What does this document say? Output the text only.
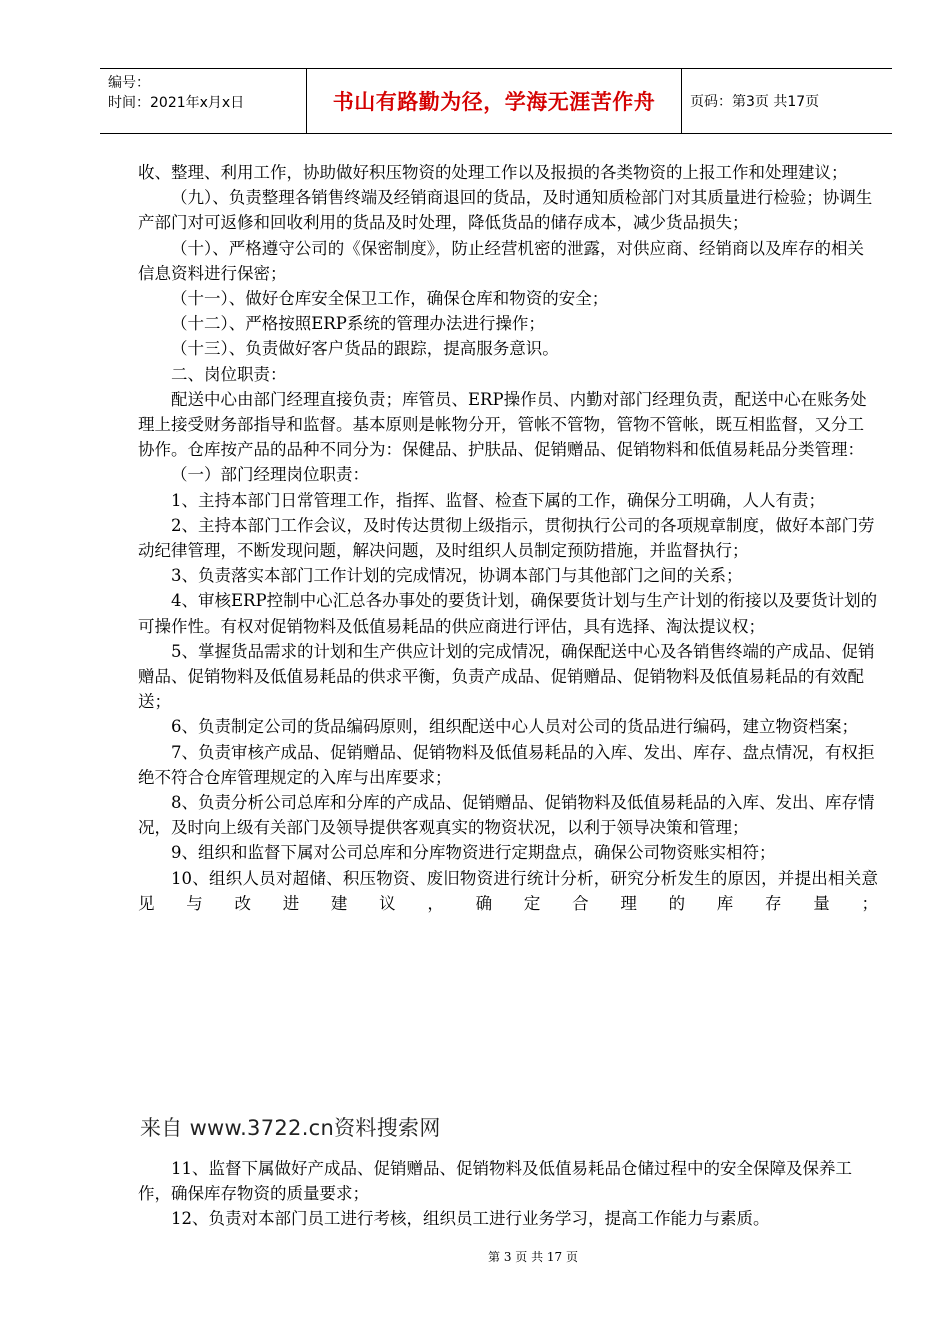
编号：
时间：2021年x月x日	书山有路勤为径，学海无涯苦作舟	页码：第3页 共17页

收、整理、利用工作，协助做好积压物资的处理工作以及报损的各类物资的上报工作和处理建议；

（九）、负责整理各销售终端及经销商退回的货品，及时通知质检部门对其质量进行检验；协调生产部门对可返修和回收利用的货品及时处理，降低货品的储存成本，减少货品损失；

（十）、严格遵守公司的《保密制度》，防止经营机密的泄露，对供应商、经销商以及库存的相关信息资料进行保密；

（十一）、做好仓库安全保卫工作，确保仓库和物资的安全；

（十二）、严格按照ERP系统的管理办法进行操作；

（十三）、负责做好客户货品的跟踪，提高服务意识。

二、岗位职责：

配送中心由部门经理直接负责；库管员、ERP操作员、内勤对部门经理负责，配送中心在账务处理上接受财务部指导和监督。基本原则是帐物分开，管帐不管物，管物不管帐，既互相监督，又分工协作。仓库按产品的品种不同分为：保健品、护肤品、促销赠品、促销物料和低值易耗品分类管理：

（一）部门经理岗位职责：

1、主持本部门日常管理工作，指挥、监督、检查下属的工作，确保分工明确，人人有责；

2、主持本部门工作会议，及时传达贯彻上级指示，贯彻执行公司的各项规章制度，做好本部门劳动纪律管理，不断发现问题，解决问题，及时组织人员制定预防措施，并监督执行；

3、负责落实本部门工作计划的完成情况，协调本部门与其他部门之间的关系；

4、审核ERP控制中心汇总各办事处的要货计划，确保要货计划与生产计划的衔接以及要货计划的可操作性。有权对促销物料及低值易耗品的供应商进行评估，具有选择、淘汰提议权；

5、掌握货品需求的计划和生产供应计划的完成情况，确保配送中心及各销售终端的产成品、促销赠品、促销物料及低值易耗品的供求平衡，负责产成品、促销赠品、促销物料及低值易耗品的有效配送；

6、负责制定公司的货品编码原则，组织配送中心人员对公司的货品进行编码，建立物资档案；

7、负责审核产成品、促销赠品、促销物料及低值易耗品的入库、发出、库存、盘点情况，有权拒绝不符合仓库管理规定的入库与出库要求；

8、负责分析公司总库和分库的产成品、促销赠品、促销物料及低值易耗品的入库、发出、库存情况，及时向上级有关部门及领导提供客观真实的物资状况，以利于领导决策和管理；

9、组织和监督下属对公司总库和分库物资进行定期盘点，确保公司物资账实相符；

10、组织人员对超储、积压物资、废旧物资进行统计分析，研究分析发生的原因，并提出相关意见与改进建议，确定合理的库存量；

来自 www.3722.cn资料搜索网

11、监督下属做好产成品、促销赠品、促销物料及低值易耗品仓储过程中的安全保障及保养工作，确保库存物资的质量要求；

12、负责对本部门员工进行考核，组织员工进行业务学习，提高工作能力与素质。

第 3 页 共 17 页
